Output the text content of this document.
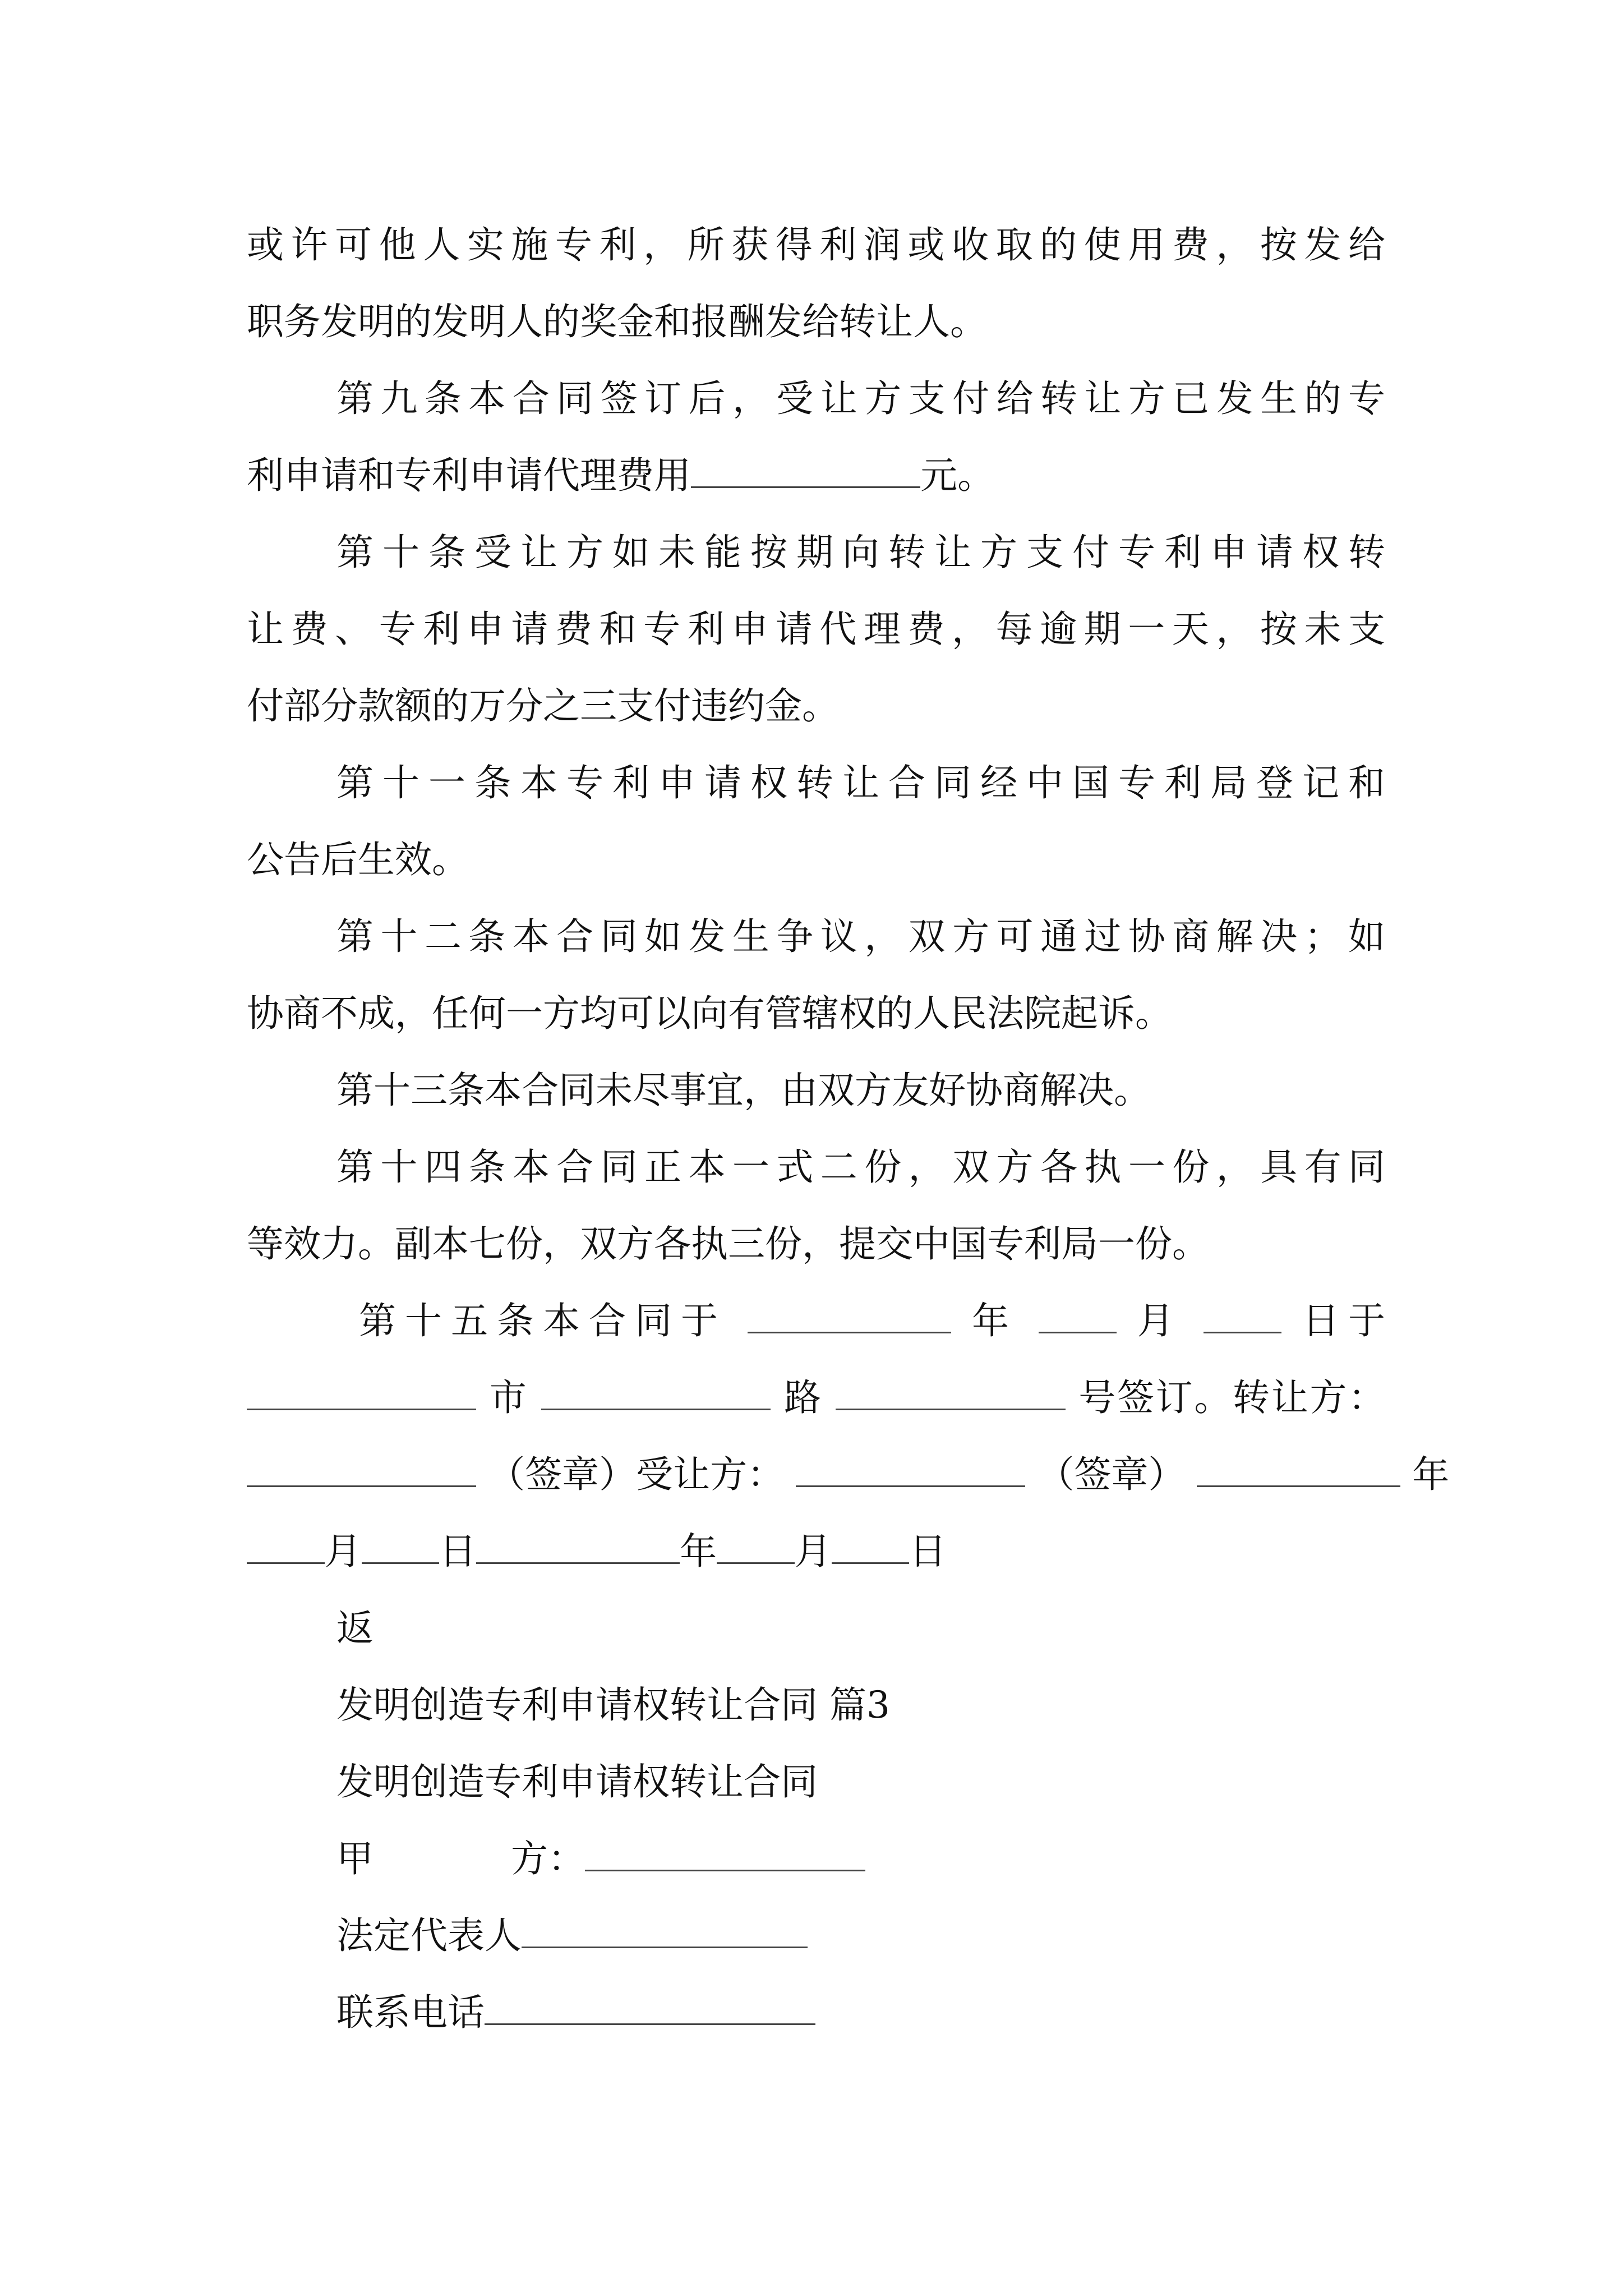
或许可他人实施专利，所获得利润或收取的使用费，按发给
职务发明的发明人的奖金和报酬发给转让人。
第九条本合同签订后，受让方支付给转让方已发生的专
利申请和专利申请代理费用	元。
第十条受让方如未能按期向转让方支付专利申请权转
让费、专利申请费和专利申请代理费，每逾期一天，按未支
付部分款额的万分之三支付违约金。
第十一条本专利申请权转让合同经中国专利局登记和
公告后生效。
第十二条本合同如发生争议，双方可通过协商解决；如
协商不成，任何一方均可以向有管辖权的人民法院起诉。
第十三条本合同未尽事宜，由双方友好协商解决。
第十四条本合同正本一式二份，双方各执一份，具有同
等效力。副本七份，双方各执三份，提交中国专利局一份。
第十五条本合同于	年	月	日于
市	路	号签订。转让方：
（签章）受让方：	（签章）	年
月 日	年 月 日
返
发明创造专利申请权转让合同 篇3
发明创造专利申请权转让合同
甲	方：
法定代表人
联系电话
